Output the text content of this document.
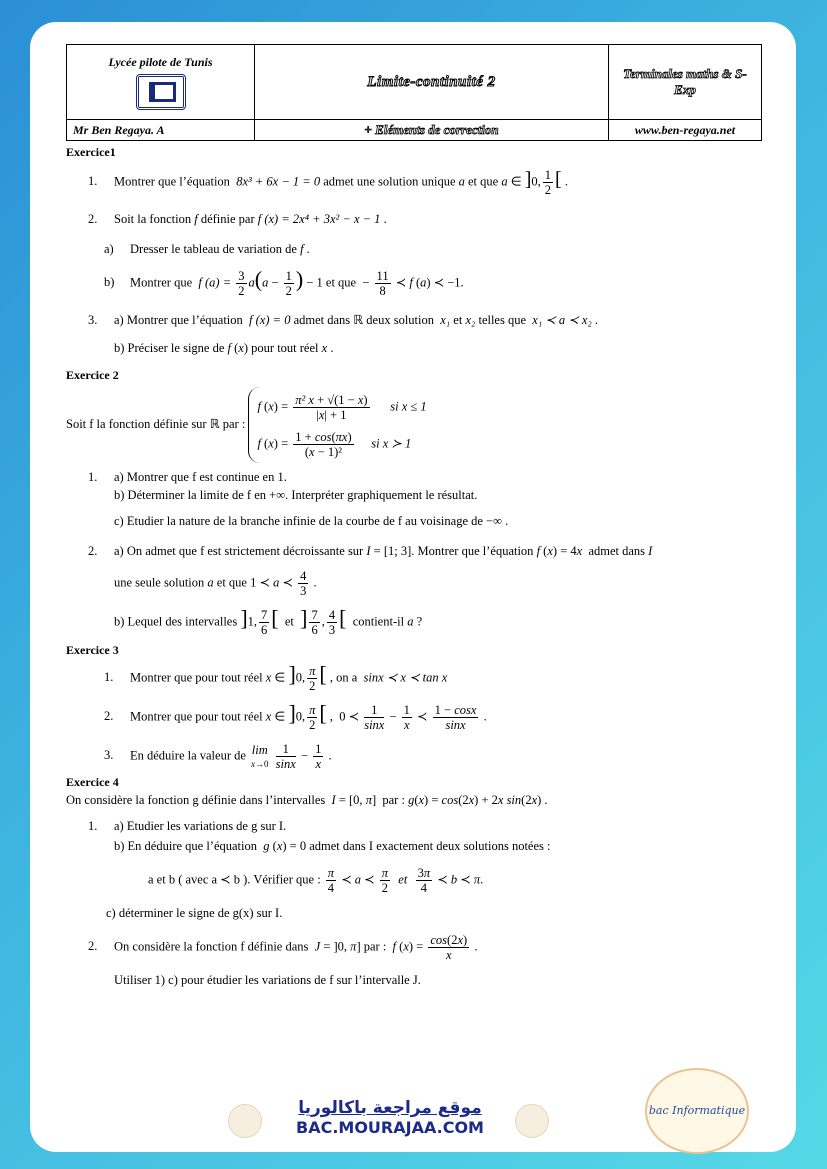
Lycée pilote de Tunis	Limite-continuité 2	Terminales maths & S-Exp
Mr Ben Regaya. A	+ Eléments de correction	www.ben-regaya.net
Exercice1
1. Montrer que l’équation  8x³ + 6x − 1 = 0 admet une solution unique a et que a ∈ ]0, $\frac{1}{2}$ [ .
2. Soit la fonction f définie par f (x) = 2x⁴ + 3x² − x − 1 .
a) Dresser le tableau de variation de f .
b) Montrer que  f $(a) = \frac{3}{2} a(a - \frac{1}{2}$ ) − 1 et que  − $\frac{11}{8}$ ≺ f (a) ≺ −1.
3. a) Montrer que l’équation  f (x) = 0 admet dans ℝ deux solution  x₁ et x₂ telles que  x₁ ≺ a ≺ x₂ .
b) Préciser le signe de f (x) pour tout réel x .
Exercice 2
Soit f la fonction définie sur ℝ par :
f $(x) = \frac{\text{π² x + √(1 − x)}}{|x| + 1}$ si x ≤ 1
f $(x) = \frac{1 + \cos(\pi x)}{\text{(x − 1)²}}$ si x ≻ 1
1. a) Montrer que f est continue en 1.
b) Déterminer la limite de f en +∞. Interpréter graphiquement le résultat.
c) Etudier la nature de la branche infinie de la courbe de f au voisinage de −∞ .
2. a) On admet que f est strictement décroissante sur I = [1; 3]. Montrer que l’équation f (x) = 4x admet dans I
une seule solution a et que 1 ≺ a ≺ $\frac{4}{3}$ .
b) Lequel des intervalles ]1, $\frac{7}{6}$ [ et ] $\frac{7}{6}$ , $\frac{4}{3}$ [ contient-il a ?
Exercice 3
1. Montrer que pour tout réel x ∈ ]0, $\frac{\pi}{2}$ [ , on a  sinx ≺ x ≺ tan x
2. Montrer que pour tout réel x ∈ ]0, $\frac{\pi}{2}$ [ ,  0 ≺ $\frac{1}{\sin x} - \frac{1}{x}$ ≺ $\frac{1 - \cos x}{\sin x}$ .
3. En déduire la valeur de lim
x→0
$\frac{1}{\sin x} - \frac{1}{x}$ .
Exercice 4
On considère la fonction g définie dans l’intervalles  I = [0, π]  par : g(x) = cos(2x) + 2x sin(2x) .
1. a) Etudier les variations de g sur I.
b) En déduire que l’équation  g (x) = 0 admet dans I exactement deux solutions notées :
a et b ( avec a ≺ b ). Vérifier que : $\frac{\pi}{4}$ ≺ a ≺ $\frac{\pi}{2}$ et $\frac{3\pi}{4}$ ≺ b ≺ π.
c) déterminer le signe de g(x) sur I.
2. On considère la fonction f définie dans  J = ]0, π] par :  f $(x) = \frac{\cos(2x)}{x}$ .
Utiliser 1) c) pour étudier les variations de f sur l’intervalle J.
موقع مراجعة باكالوريا
BAC.MOURAJAA.COM
bac Informatique
